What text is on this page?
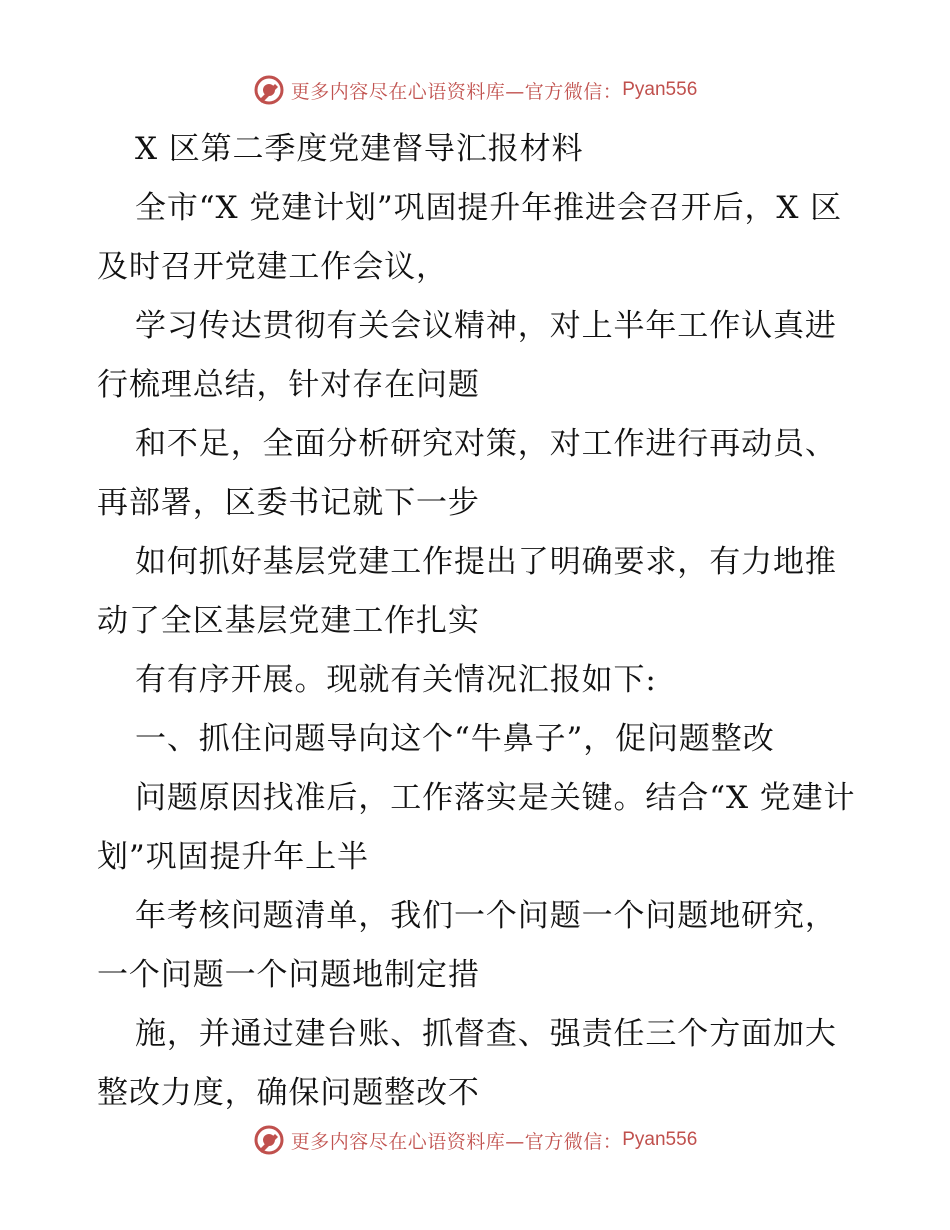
更多内容尽在心语资料库—官方微信： Pyan556

X 区第二季度党建督导汇报材料

全市“X 党建计划”巩固提升年推进会召开后，X 区及时召开党建工作会议，

学习传达贯彻有关会议精神，对上半年工作认真进行梳理总结，针对存在问题

和不足，全面分析研究对策，对工作进行再动员、再部署，区委书记就下一步

如何抓好基层党建工作提出了明确要求，有力地推动了全区基层党建工作扎实

有有序开展。现就有关情况汇报如下:

一、抓住问题导向这个“牛鼻子”，促问题整改

问题原因找准后，工作落实是关键。结合“X 党建计划”巩固提升年上半

年考核问题清单，我们一个问题一个问题地研究，一个问题一个问题地制定措

施，并通过建台账、抓督查、强责任三个方面加大整改力度，确保问题整改不

更多内容尽在心语资料库—官方微信： Pyan556
